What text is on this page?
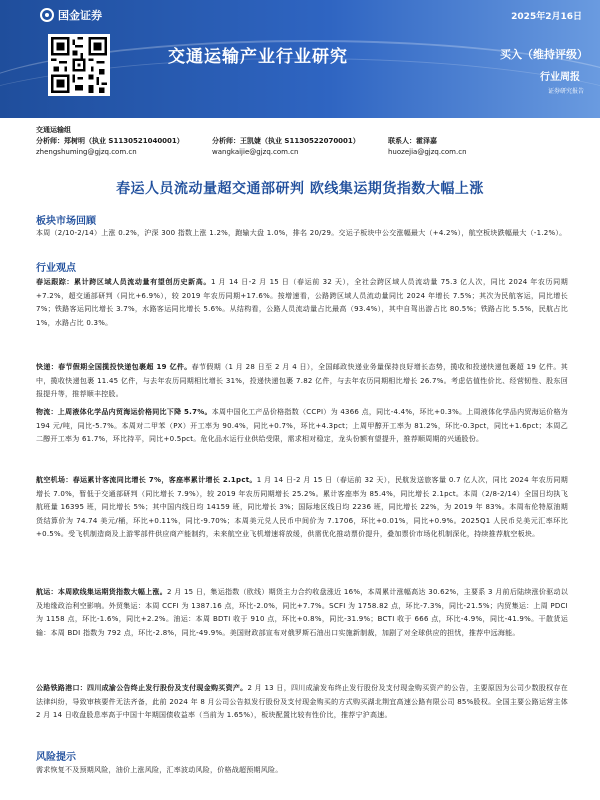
国金证券	2025年2月16日
交通运输产业行业研究	买入（维持评级）
行业周报
证券研究报告
交通运输组
分析师：郑树明（执业 S1130521040001）	分析师：王凯婕（执业 S1130522070001）	联系人：霍泽嘉
zhengshuming@gjzq.com.cn	wangkaijie@gjzq.com.cn	huozejia@gjzq.com.cn
春运人员流动量超交通部研判 欧线集运期货指数大幅上涨
板块市场回顾
本周（2/10-2/14）上涨 0.2%，沪深 300 指数上涨 1.2%，跑输大盘 1.0%，排名 20/29。交运子板块中公交涨幅最大（+4.2%），航空板块跌幅最大（-1.2%）。
行业观点
春运跟踪：累计跨区域人员流动量有望创历史新高。1 月 14 日-2 月 15 日（春运前 32 天），全社会跨区域人员流动量 75.3 亿人次，同比 2024 年农历同期+7.2%，超交通部研判（同比+6.9%），较 2019 年农历同期+17.6%。按增速看，公路跨区域人员流动量同比 2024 年增长 7.5%；其次为民航客运，同比增长 7%；铁路客运同比增长 3.7%，水路客运同比增长 5.6%。从结构看，公路人员流动量占比最高（93.4%），其中自驾出游占比 80.5%；铁路占比 5.5%，民航占比 1%，水路占比 0.3%。
快递：春节假期全国揽投快递包裹超 19 亿件。春节假期（1 月 28 日至 2 月 4 日），全国邮政快递业务量保持良好增长态势，揽收和投递快递包裹超 19 亿件。其中，揽收快递包裹 11.45 亿件，与去年农历同期相比增长 31%，投递快递包裹 7.82 亿件，与去年农历同期相比增长 26.7%。考虑估值性价比、经营韧性、股东回报提升等，推荐顺丰控股。
物流：上周液体化学品内贸海运价格同比下降 5.7%。本周中国化工产品价格指数（CCPI）为 4366 点，同比-4.4%，环比+0.3%。上周液体化学品内贸海运价格为 194 元/吨，同比-5.7%。本周对二甲苯（PX）开工率为 90.4%，同比+0.7%，环比+4.3pct；上周甲醇开工率为 81.2%，环比-0.3pct，同比+1.6pct；本周乙二醇开工率为 61.7%，环比持平，同比+0.5pct。危化品水运行业供给受限，需求相对稳定，龙头份额有望提升，推荐顺周期的兴通股份。
航空机场：春运累计客流同比增长 7%，客座率累计增长 2.1pct。1 月 14 日-2 月 15 日（春运前 32 天），民航发送旅客量 0.7 亿人次，同比 2024 年农历同期增长 7.0%，暂低于交通部研判（同比增长 7.9%），较 2019 年农历同期增长 25.2%。累计客座率为 85.4%，同比增长 2.1pct。本周（2/8-2/14）全国日均执飞航班量 16395 班，同比增长 5%；其中国内线日均 14159 班，同比增长 3%；国际地区线日均 2236 班，同比增长 22%，为 2019 年 83%。本周布伦特原油期货结算价为 74.74 美元/桶，环比+0.11%，同比-9.70%；本周美元兑人民币中间价为 7.1706，环比+0.01%，同比+0.9%。2025Q1 人民币兑美元汇率环比+0.5%。受飞机制造商及上游零部件供应商产能制约，未来航空业飞机增速将放缓，供需优化推动票价提升，叠加票价市场化机制深化，持续推荐航空板块。
航运：本周欧线集运期货指数大幅上涨。2 月 15 日，集运指数（欧线）期货主力合约收盘涨近 16%，本周累计涨幅高达 30.62%，主要系 3 月前后陆续涨价驱动以及地缘政治利空影响。外贸集运：本周 CCFI 为 1387.16 点，环比-2.0%，同比+7.7%。SCFI 为 1758.82 点，环比-7.3%，同比-21.5%；内贸集运：上周 PDCI 为 1158 点，环比-1.6%，同比+2.2%。油运：本周 BDTI 收于 910 点，环比+0.8%，同比-31.9%；BCTI 收于 666 点，环比-4.9%，同比-41.9%。干散货运输：本周 BDI 指数为 792 点，环比-2.8%，同比-49.9%。美国财政部宣布对俄罗斯石油出口实施新制裁，加剧了对全球供应的担忧，推荐中远海能。
公路铁路港口：四川成渝公告终止发行股份及支付现金购买资产。2 月 13 日，四川成渝发布终止发行股份及支付现金购买资产的公告，主要原因为公司少数股权存在法律纠纷，导致审核要件无法齐备，此前 2024 年 8 月公司公告拟发行股份及支付现金购买的方式购买湖北荆宜高速公路有限公司 85%股权。全国主要公路运营主体 2 月 14 日收盘股息率高于中国十年期国债收益率（当前为 1.65%），板块配置比较有性价比，推荐宁沪高速。
风险提示
需求恢复不及预期风险，油价上涨风险，汇率波动风险，价格战超预期风险。
